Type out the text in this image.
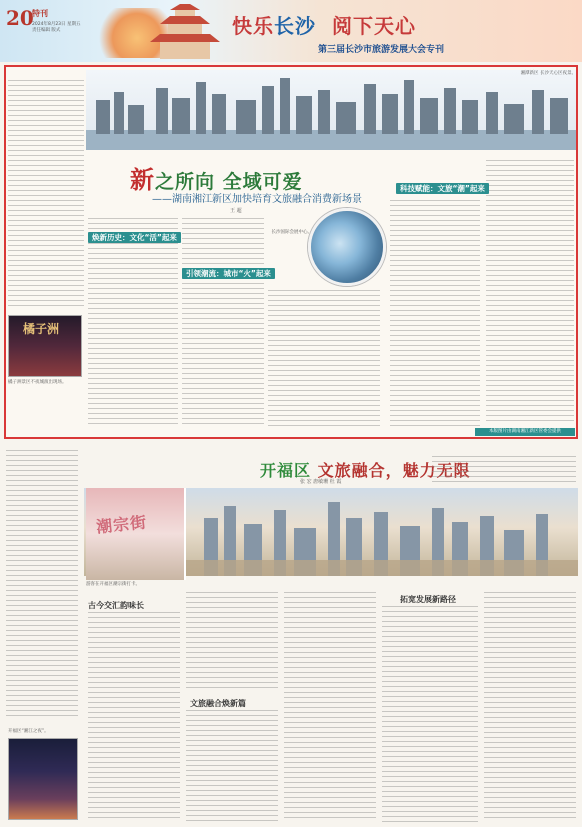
20
特刊
2024年8月23日 星期五 责任编辑 版式	快乐长沙 阅下天心
第三届长沙市旅游发展大会专刊
湘潭新区 长沙天心区夜景。
新之所向 全域可爱
——湖南湘江新区加快培育文旅融合消费新场景
王 超
焕新历史：文化“活”起来
引领潮流：城市“火”起来
科技赋能：文旅“潮”起来
长沙国际会展中心。
橘子洲
橘子洲景区不夜城演出现场。
本版图片由湖南湘江新区管委会提供
开福区 文旅融合，魅力无限
张 宏 唐敏珊 杜 霞
潮宗街
游客在开福区潮宗街打卡。
古今交汇韵味长
文旅融合焕新篇
拓宽发展新路径
开福区“湘江之夜”。
